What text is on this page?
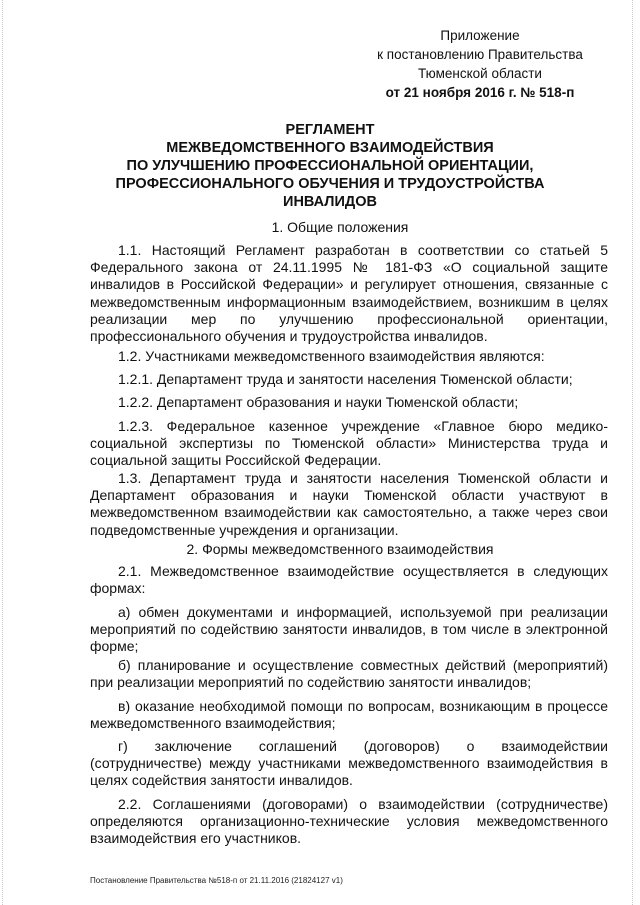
Приложение
к постановлению Правительства
Тюменской области
от 21 ноября 2016 г. № 518-п
РЕГЛАМЕНТ
МЕЖВЕДОМСТВЕННОГО ВЗАИМОДЕЙСТВИЯ
ПО УЛУЧШЕНИЮ ПРОФЕССИОНАЛЬНОЙ ОРИЕНТАЦИИ,
ПРОФЕССИОНАЛЬНОГО ОБУЧЕНИЯ И ТРУДОУСТРОЙСТВА
ИНВАЛИДОВ
1. Общие положения

1.1. Настоящий Регламент разработан в соответствии со статьей 5 Федерального закона от 24.11.1995 № 181-ФЗ «О социальной защите инвалидов в Российской Федерации» и регулирует отношения, связанные с межведомственным информационным взаимодействием, возникшим в целях реализации мер по улучшению профессиональной ориентации, профессионального обучения и трудоустройства инвалидов.

1.2. Участниками межведомственного взаимодействия являются:

1.2.1. Департамент труда и занятости населения Тюменской области;

1.2.2. Департамент образования и науки Тюменской области;

1.2.3. Федеральное казенное учреждение «Главное бюро медико-социальной экспертизы по Тюменской области» Министерства труда и социальной защиты Российской Федерации.

1.3. Департамент труда и занятости населения Тюменской области и Департамент образования и науки Тюменской области участвуют в межведомственном взаимодействии как самостоятельно, а также через свои подведомственные учреждения и организации.

2. Формы межведомственного взаимодействия

2.1. Межведомственное взаимодействие осуществляется в следующих формах:

а) обмен документами и информацией, используемой при реализации мероприятий по содействию занятости инвалидов, в том числе в электронной форме;

б) планирование и осуществление совместных действий (мероприятий) при реализации мероприятий по содействию занятости инвалидов;

в) оказание необходимой помощи по вопросам, возникающим в процессе межведомственного взаимодействия;

г) заключение соглашений (договоров) о взаимодействии (сотрудничестве) между участниками межведомственного взаимодействия в целях содействия занятости инвалидов.

2.2. Соглашениями (договорами) о взаимодействии (сотрудничестве) определяются организационно-технические условия межведомственного взаимодействия его участников.

Постановление Правительства №518-п от 21.11.2016 (21824127 v1)
